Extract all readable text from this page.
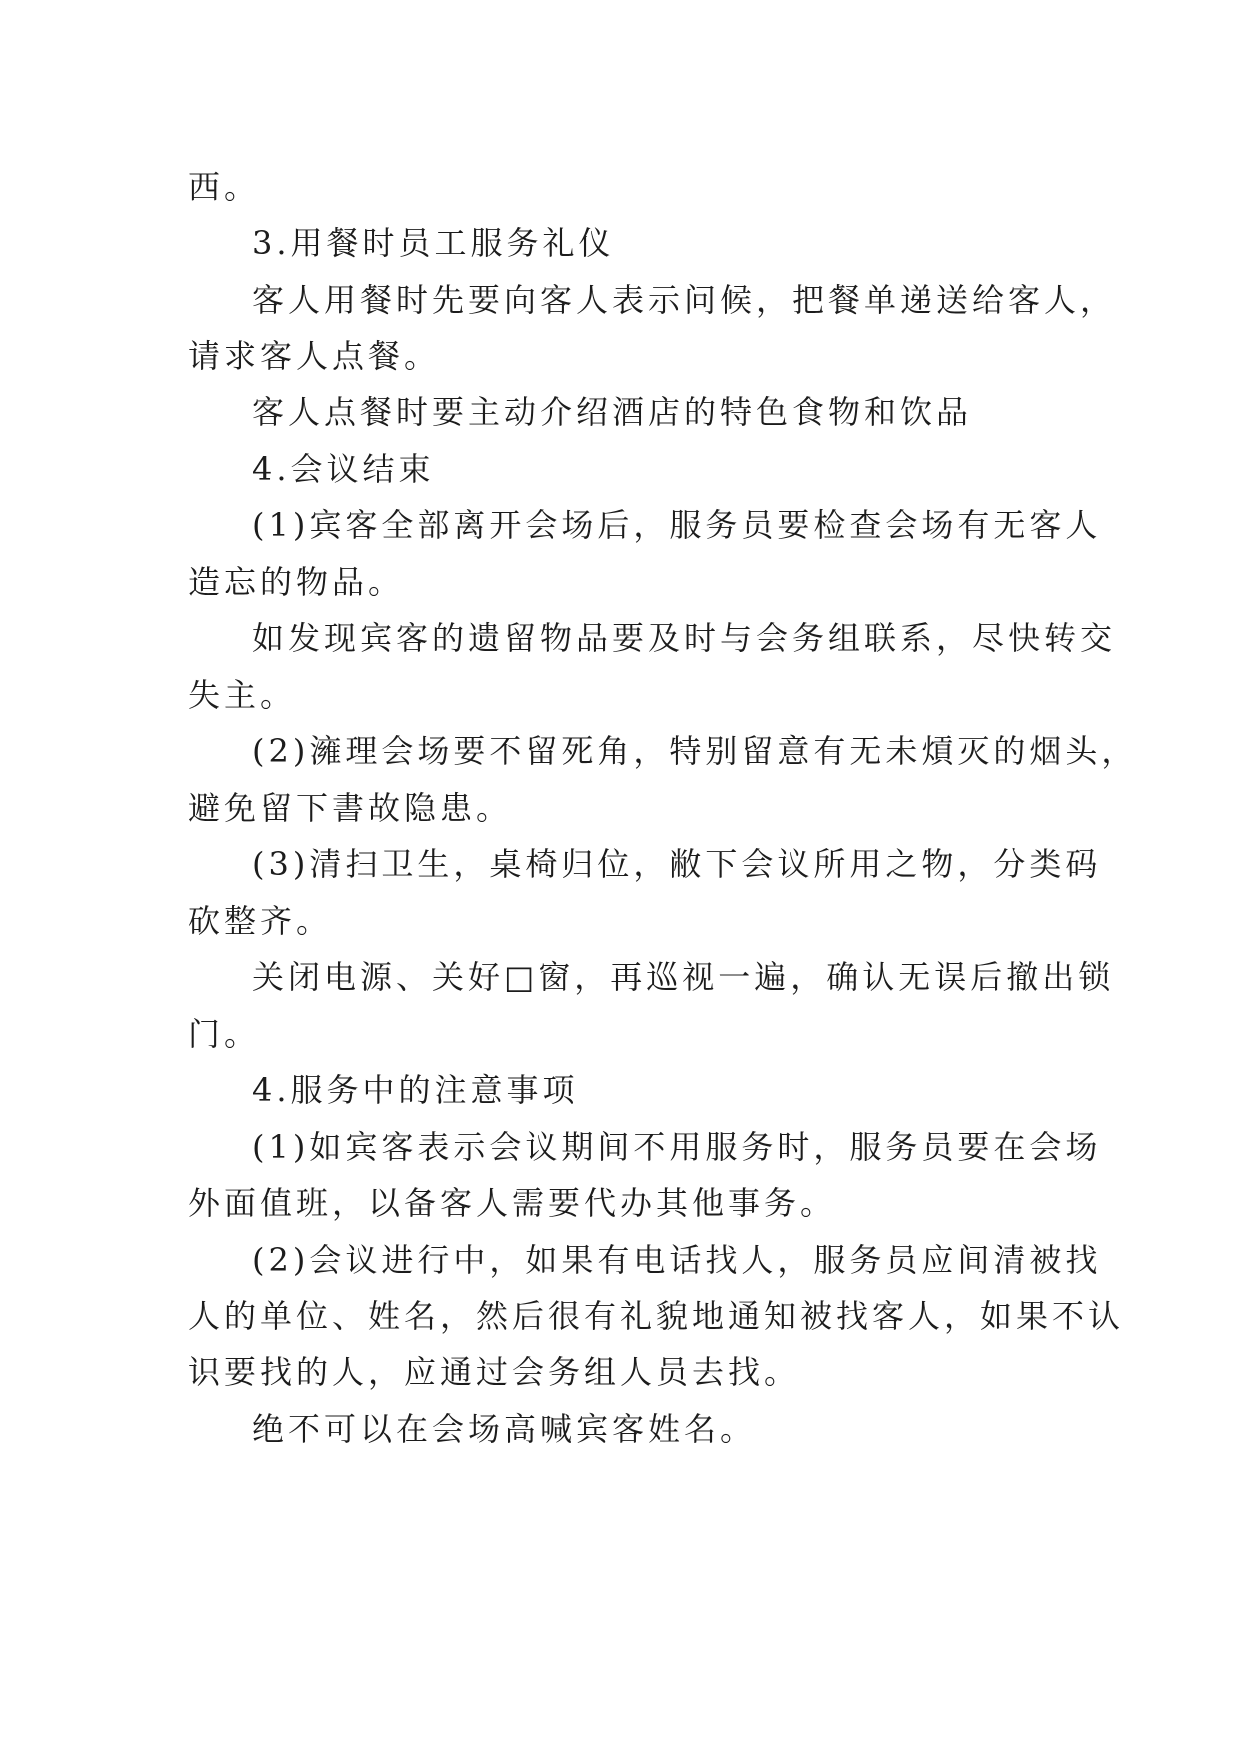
西。

3.用餐时员工服务礼仪

客人用餐时先要向客人表示问候，把餐单递送给客人，

请求客人点餐。

客人点餐时要主动介绍酒店的特色食物和饮品

4.会议结束

(1)宾客全部离开会场后，服务员要检查会场有无客人

造忘的物品。

如发现宾客的遗留物品要及时与会务组联系，尽快转交

失主。

(2)澭理会场要不留死角，特别留意有无未熕灭的烟头，

避免留下書故隐患。

(3)清扫卫生，桌椅归位，敝下会议所用之物，分类码

砍整齐。

关闭电源、关好□窗，再巡视一遍，确认无误后撤出锁

门。

4.服务中的注意事项

(1)如宾客表示会议期间不用服务时，服务员要在会场

外面值班，以备客人需要代办其他事务。

(2)会议进行中，如果有电话找人，服务员应间清被找

人的单位、姓名，然后很有礼貌地通知被找客人，如果不认

识要找的人，应通过会务组人员去找。

绝不可以在会场高喊宾客姓名。
